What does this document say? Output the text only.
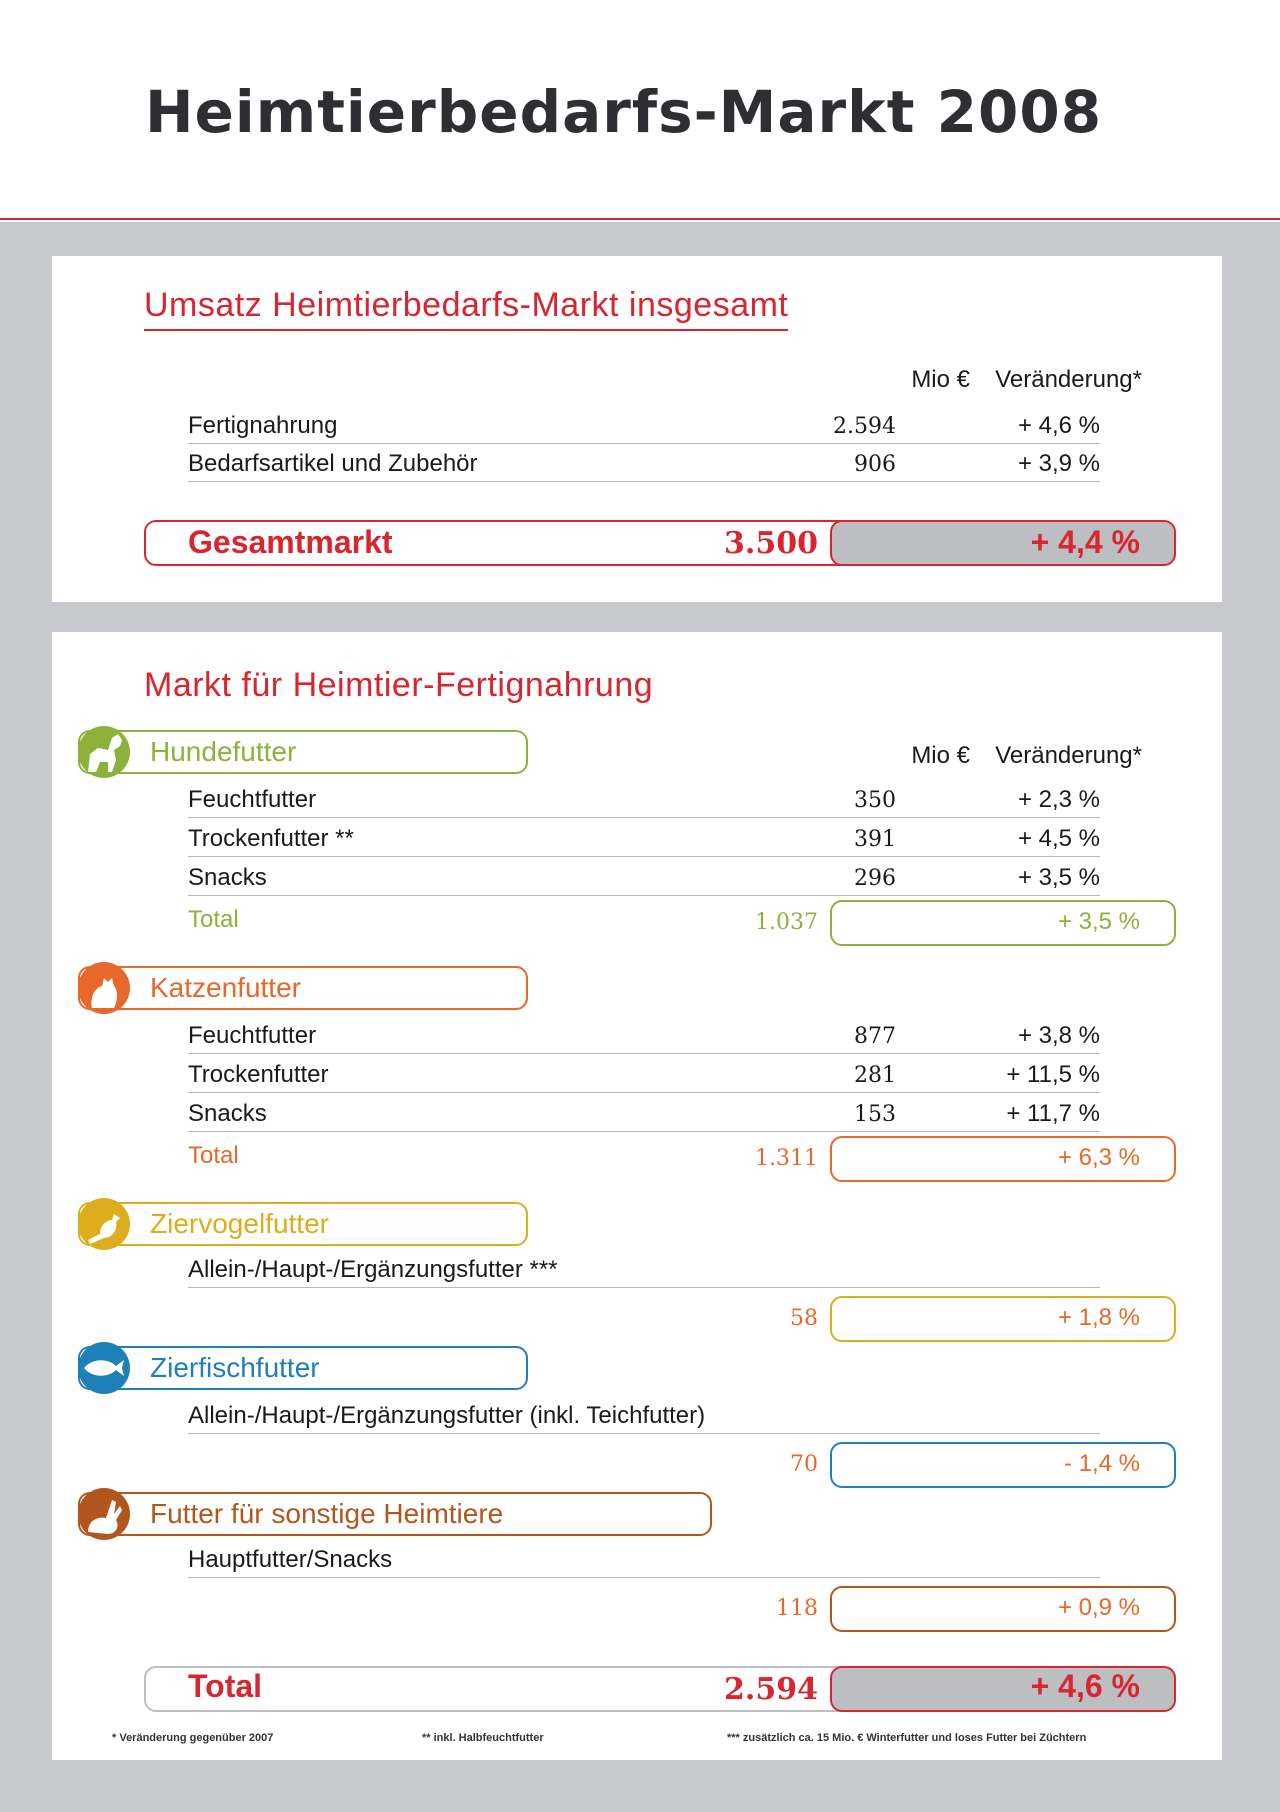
Heimtierbedarfs-Markt 2008
Umsatz Heimtierbedarfs-Markt insgesamt
Mio €	Veränderung*
Fertignahrung	2.594	+ 4,6 %
Bedarfsartikel und Zubehör	906	+ 3,9 %
Gesamtmarkt	3.500	+ 4,4 %
Markt für Heimtier-Fertignahrung
Hundefutter	Mio €	Veränderung*
Feuchtfutter	350	+ 2,3 %
Trockenfutter **	391	+ 4,5 %
Snacks	296	+ 3,5 %
Total	1.037	+ 3,5 %
Katzenfutter
Feuchtfutter	877	+ 3,8 %
Trockenfutter	281	+ 11,5 %
Snacks	153	+ 11,7 %
Total	1.311	+ 6,3 %
Ziervogelfutter
Allein-/Haupt-/Ergänzungsfutter ***
58	+ 1,8 %
Zierfischfutter
Allein-/Haupt-/Ergänzungsfutter (inkl. Teichfutter)
70	- 1,4 %
Futter für sonstige Heimtiere
Hauptfutter/Snacks
118	+ 0,9 %
Total	2.594	+ 4,6 %
* Veränderung gegenüber 2007	** inkl. Halbfeuchtfutter	*** zusätzlich ca. 15 Mio. € Winterfutter und loses Futter bei Züchtern
